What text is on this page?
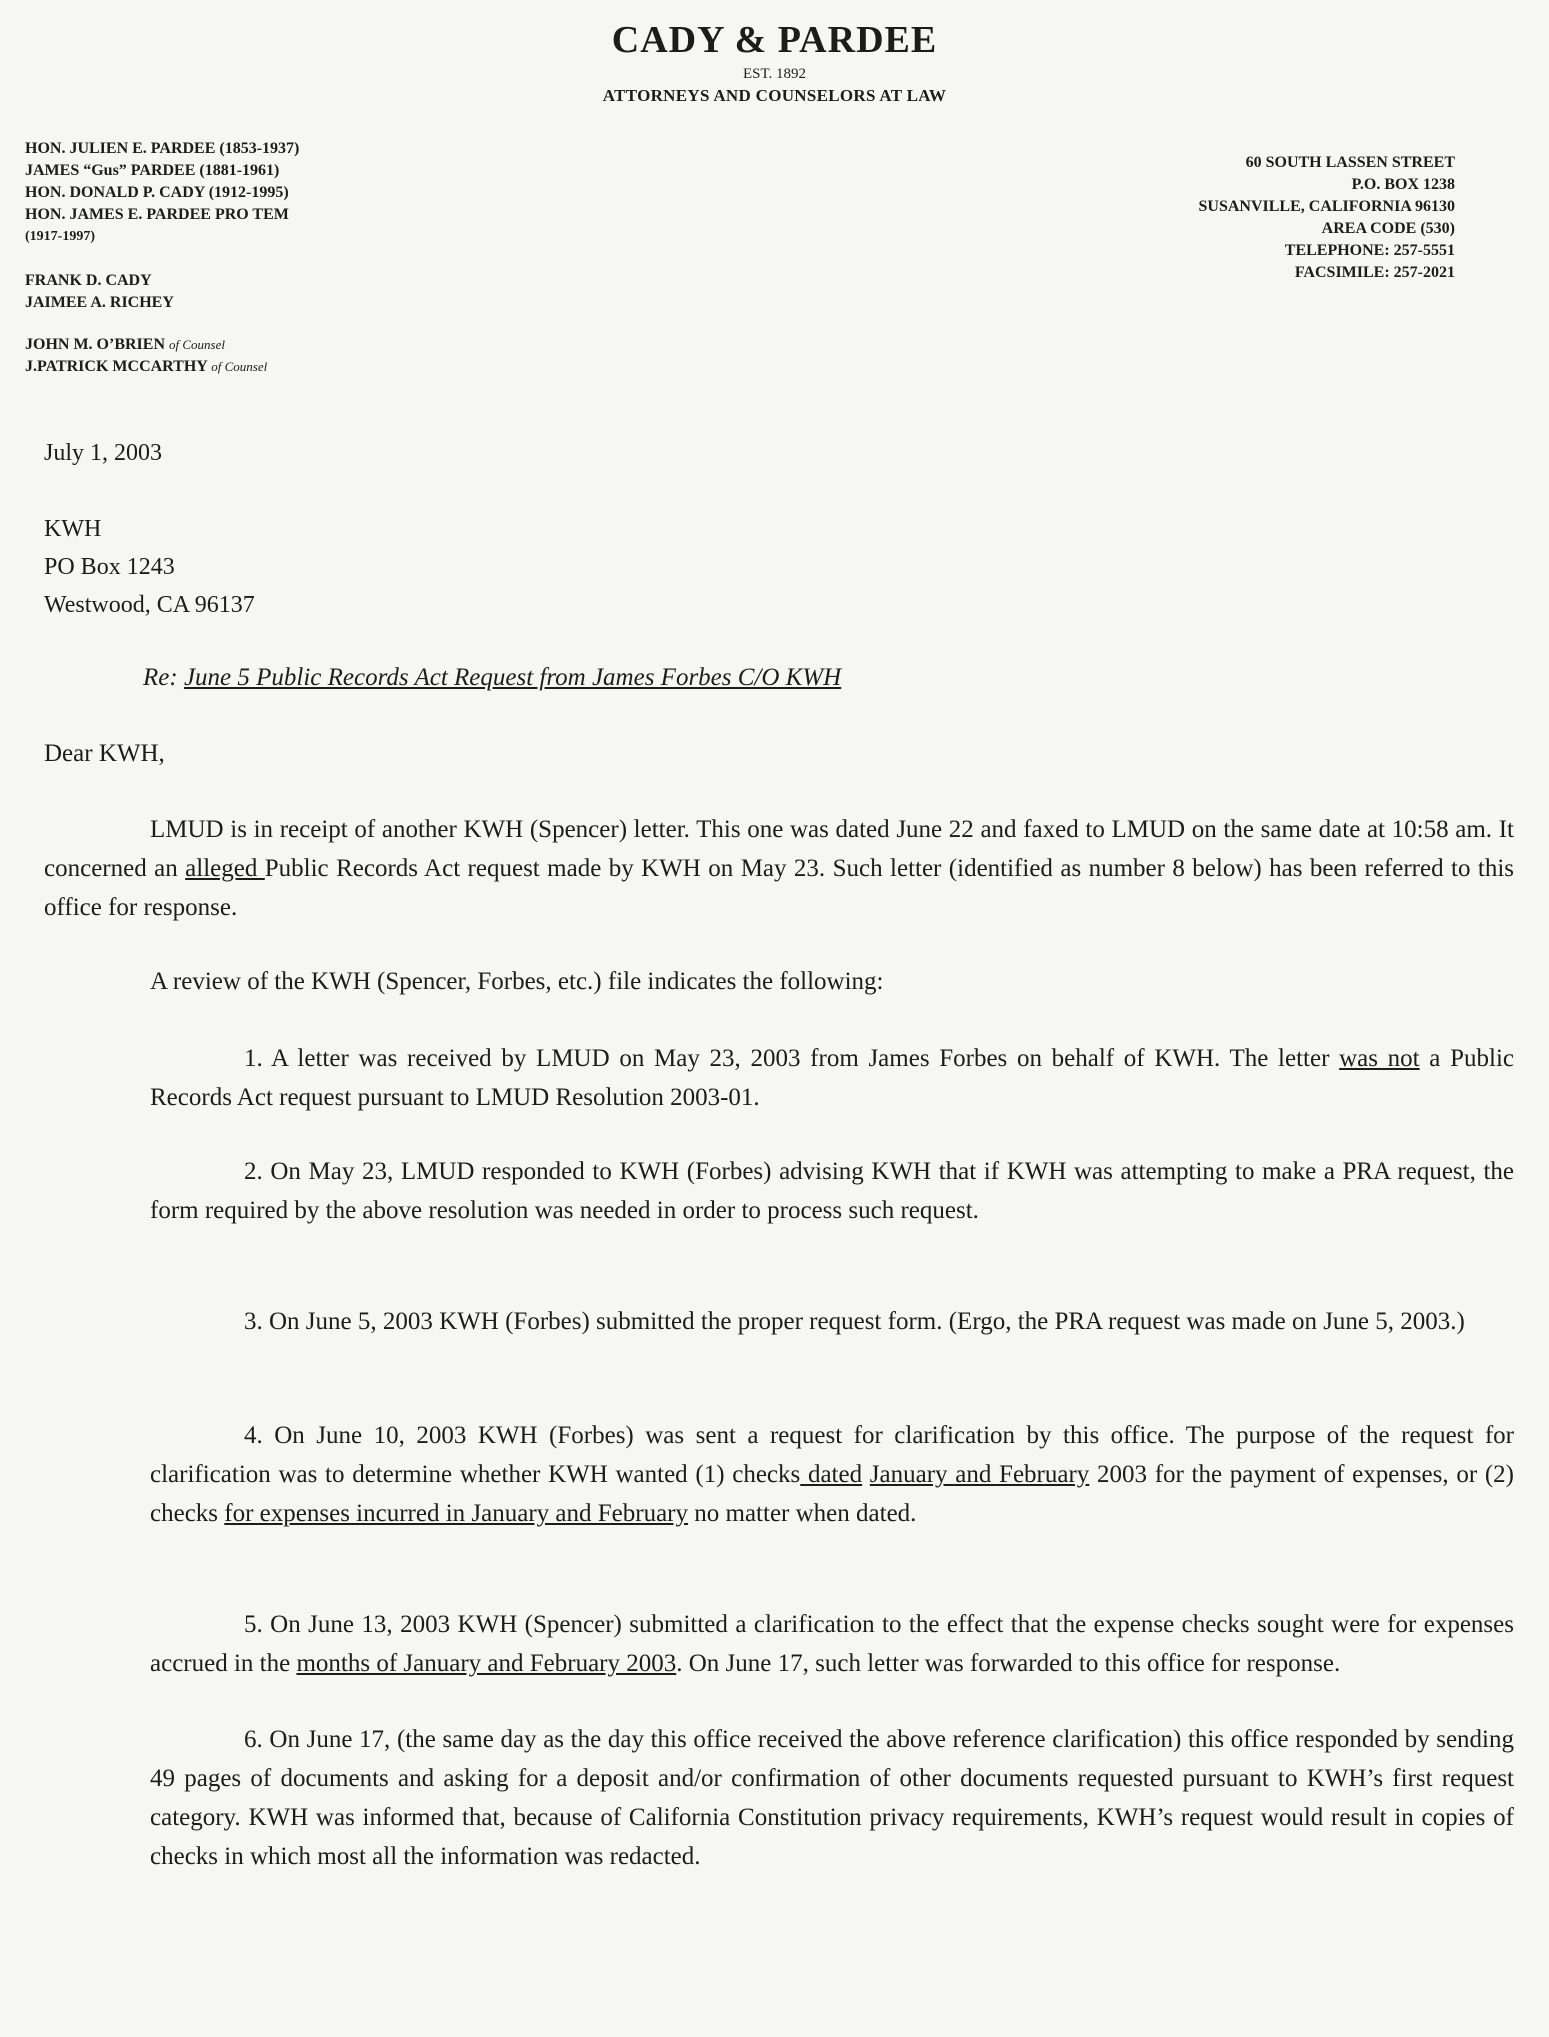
CADY & PARDEE
EST. 1892
ATTORNEYS AND COUNSELORS AT LAW
HON. JULIEN E. PARDEE (1853-1937)
JAMES “Gus” PARDEE (1881-1961)
HON. DONALD P. CADY (1912-1995)
HON. JAMES E. PARDEE PRO TEM
(1917-1997)
FRANK D. CADY
JAIMEE A. RICHEY
JOHN M. O’BRIEN of Counsel
J.PATRICK MCCARTHY of Counsel
60 SOUTH LASSEN STREET
P.O. BOX 1238
SUSANVILLE, CALIFORNIA 96130
AREA CODE (530)
TELEPHONE: 257-5551
FACSIMILE: 257-2021
July 1, 2003
KWH
PO Box 1243
Westwood, CA 96137
Re: June 5 Public Records Act Request from James Forbes C/O KWH
Dear KWH,
LMUD is in receipt of another KWH (Spencer) letter. This one was dated June 22 and faxed to LMUD on the same date at 10:58 am. It concerned an alleged Public Records Act request made by KWH on May 23. Such letter (identified as number 8 below) has been referred to this office for response.
A review of the KWH (Spencer, Forbes, etc.) file indicates the following:
1. A letter was received by LMUD on May 23, 2003 from James Forbes on behalf of KWH. The letter was not a Public Records Act request pursuant to LMUD Resolution 2003-01.
2. On May 23, LMUD responded to KWH (Forbes) advising KWH that if KWH was attempting to make a PRA request, the form required by the above resolution was needed in order to process such request.
3. On June 5, 2003 KWH (Forbes) submitted the proper request form. (Ergo, the PRA request was made on June 5, 2003.)
4. On June 10, 2003 KWH (Forbes) was sent a request for clarification by this office. The purpose of the request for clarification was to determine whether KWH wanted (1) checks dated January and February 2003 for the payment of expenses, or (2) checks for expenses incurred in January and February no matter when dated.
5. On June 13, 2003 KWH (Spencer) submitted a clarification to the effect that the expense checks sought were for expenses accrued in the months of January and February 2003. On June 17, such letter was forwarded to this office for response.
6. On June 17, (the same day as the day this office received the above reference clarification) this office responded by sending 49 pages of documents and asking for a deposit and/or confirmation of other documents requested pursuant to KWH’s first request category. KWH was informed that, because of California Constitution privacy requirements, KWH’s request would result in copies of checks in which most all the information was redacted.
